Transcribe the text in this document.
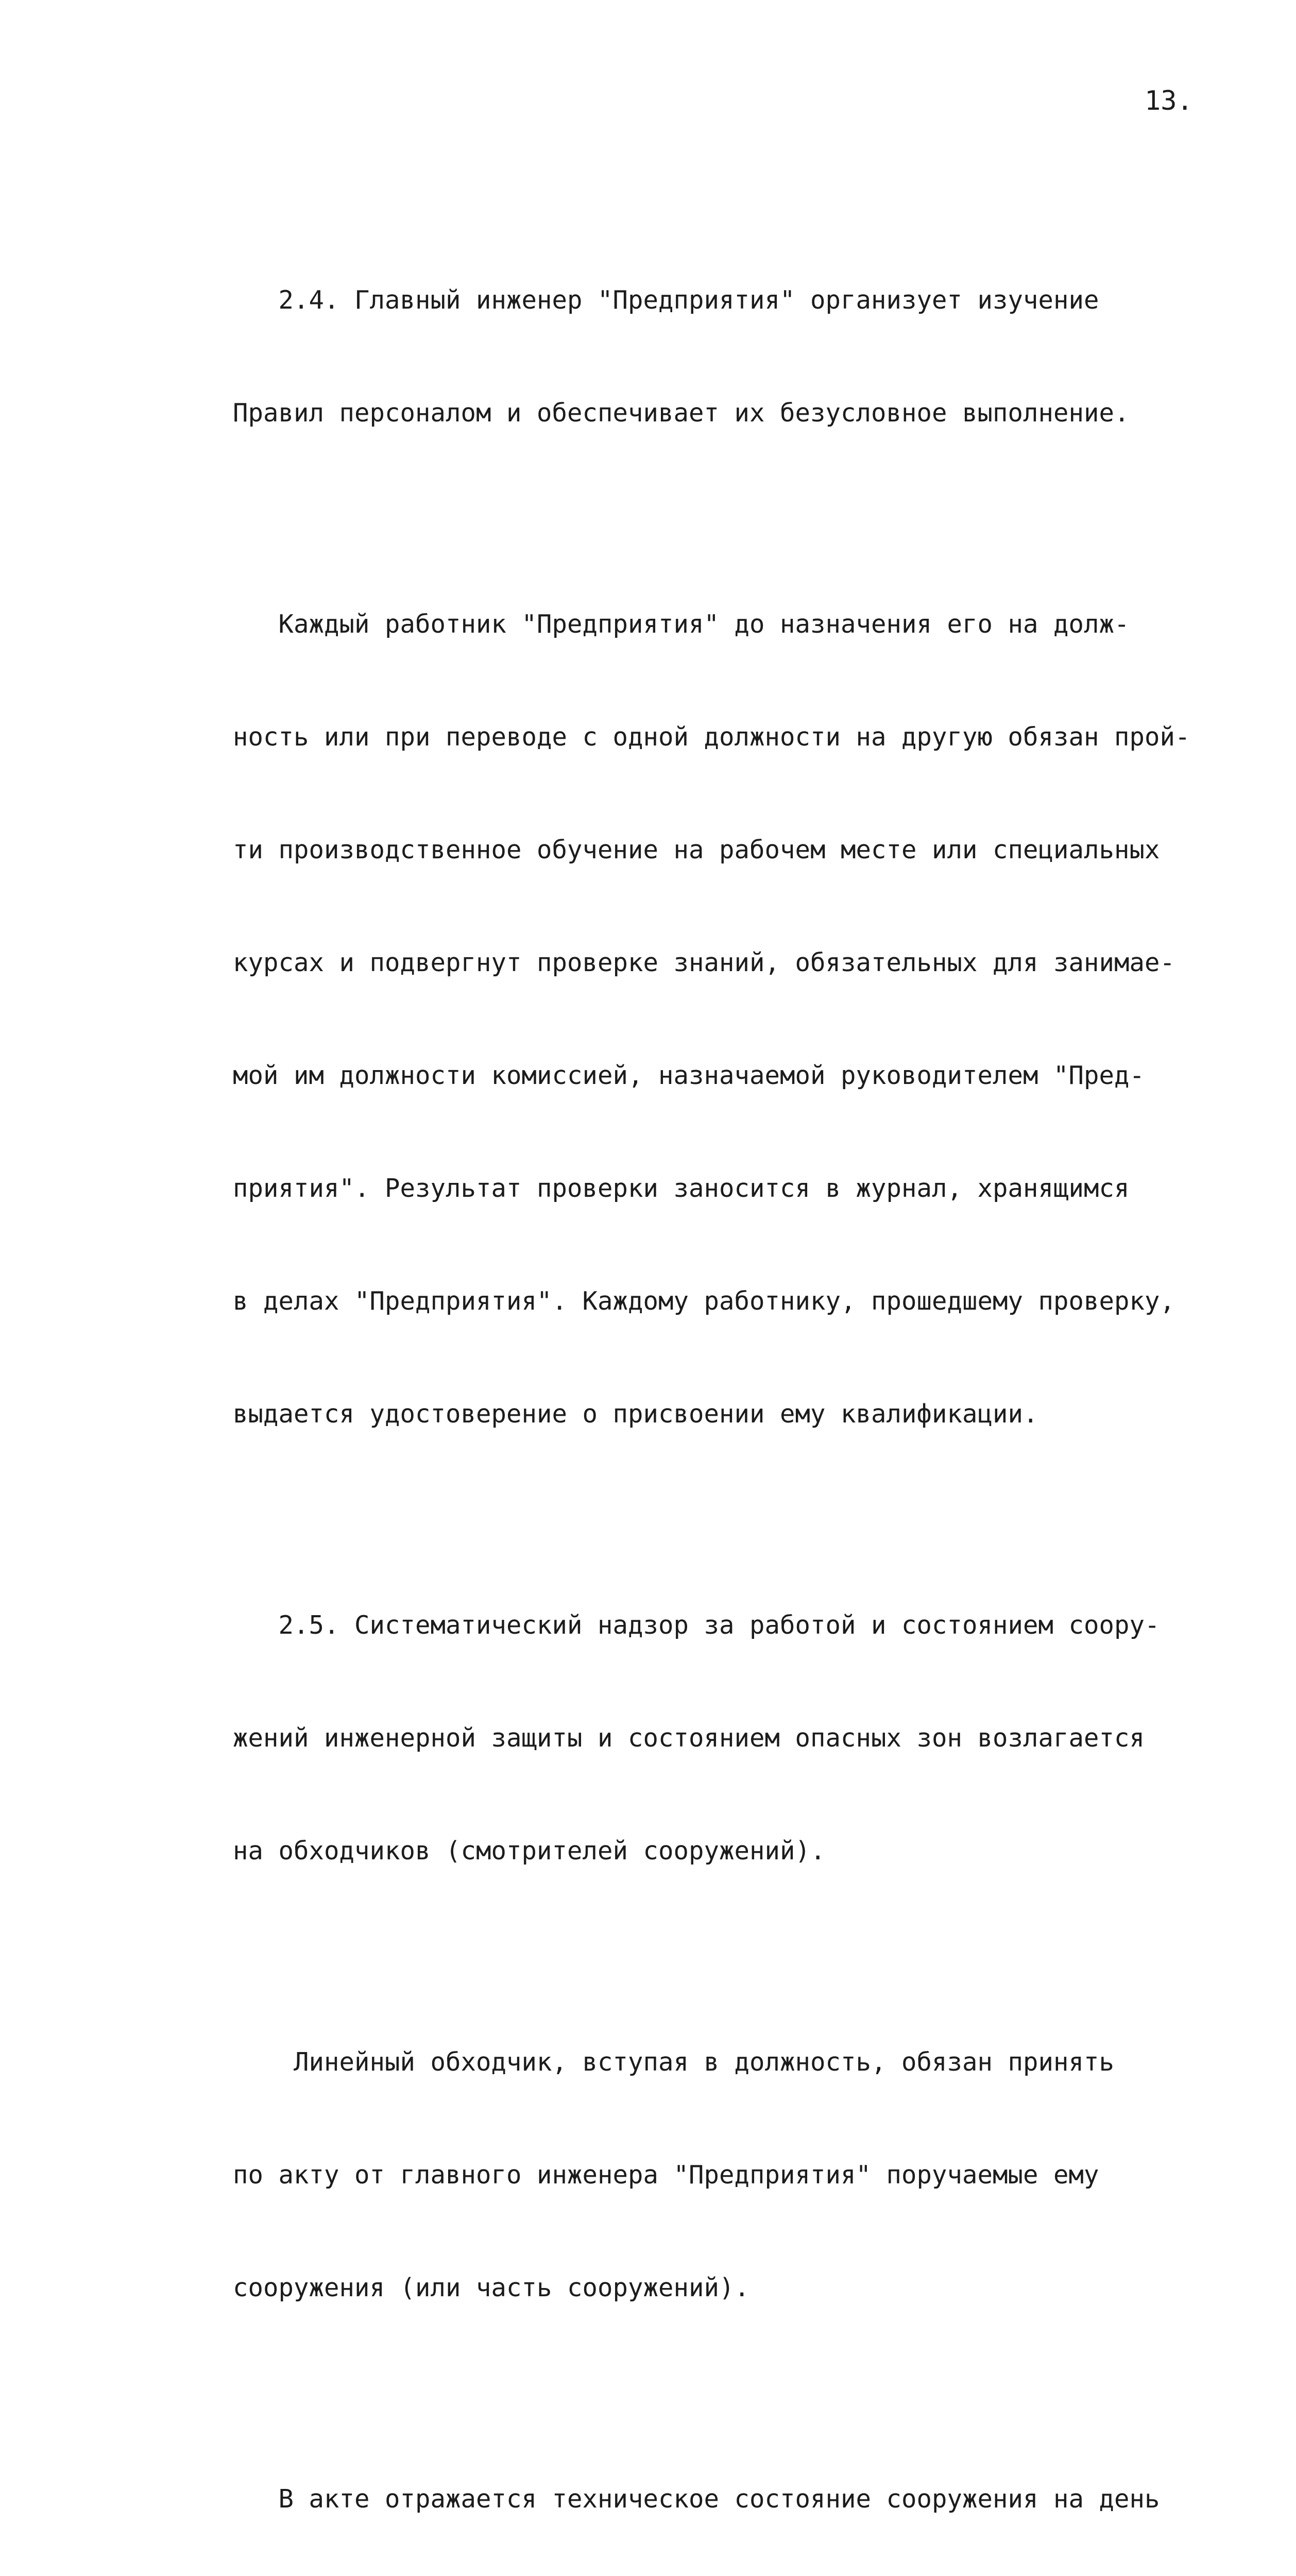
13.

2.4. Главный инженер "Предприятия" организует изучение

Правил персоналом и обеспечивает их безусловное выполнение.

Каждый работник "Предприятия" до назначения его на долж-

ность или при переводе с одной должности на другую обязан прой-

ти производственное обучение на рабочем месте или специальных

курсах и подвергнут проверке знаний, обязательных для занимае-

мой им должности комиссией, назначаемой руководителем "Пред-

приятия". Результат проверки заносится в журнал, хранящимся

в делах "Предприятия". Каждому работнику, прошедшему проверку,

выдается удостоверение о присвоении ему квалификации.

2.5. Систематический надзор за работой и состоянием соору-

жений инженерной защиты и состоянием опасных зон возлагается

на обходчиков (смотрителей сооружений).

Линейный обходчик, вступая в должность, обязан принять

по акту от главного инженера "Предприятия" поручаемые ему

сооружения (или часть сооружений).

В акте отражается техническое состояние сооружения на день
